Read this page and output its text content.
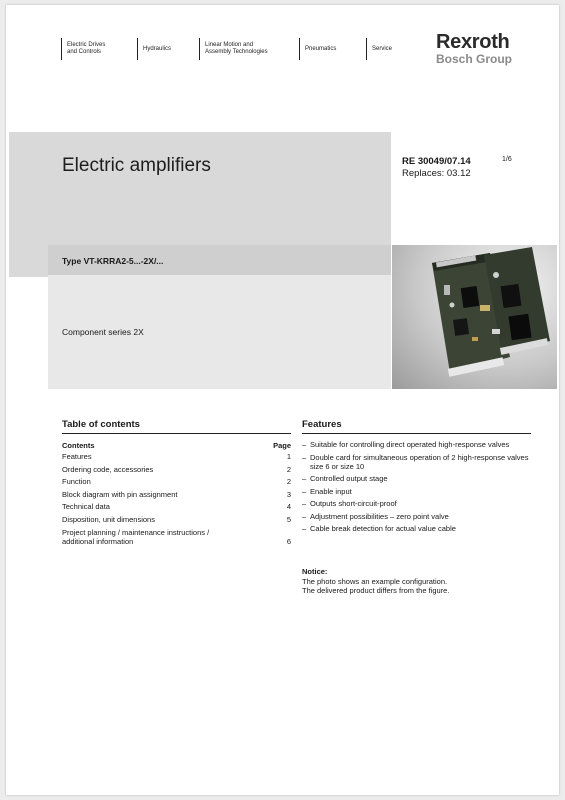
Electric Drives
and Controls
Hydraulics
Linear Motion and
Assembly Technologies
Pneumatics	Service Rexroth
Bosch Group
Electric amplifiers	RE 30049/07.14
Replaces: 03.12
1/6
Type VT-KRRA2-5...-2X/...
Component series 2X
Table of contents
Contents	Page
Features	1
Ordering code, accessories	2
Function	2
Block diagram with pin assignment	3
Technical data	4
Disposition, unit dimensions	5
Project planning / maintenance instructions /
additional information	6
Features
– Suitable for controlling direct operated high-response valves
– Double card for simultaneous operation of 2 high-response valves size 6 or size 10
– Controlled output stage
– Enable input
– Outputs short-circuit-proof
– Adjustment possibilities – zero point valve
– Cable break detection for actual value cable
Notice:
The photo shows an example configuration.
The delivered product differs from the figure.
